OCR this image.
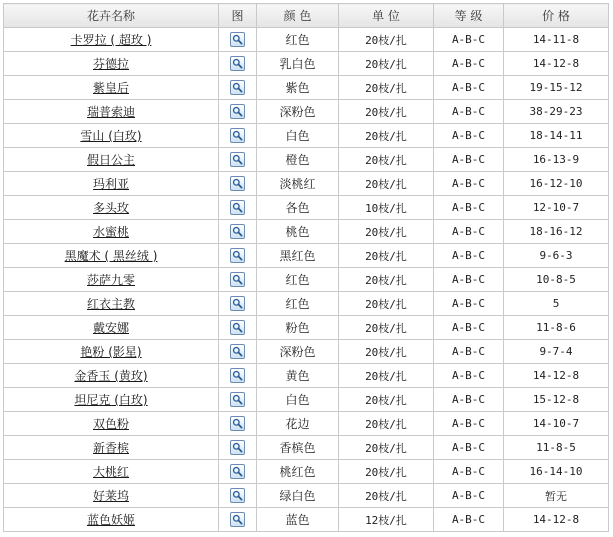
花卉名称	图	颜 色	单 位	等 级	价 格
卡罗拉 ( 超玫 )		红色	20枝/扎	A-B-C	14-11-8
芬德拉		乳白色	20枝/扎	A-B-C	14-12-8
紫皇后		紫色	20枝/扎	A-B-C	19-15-12
瑞普索迪		深粉色	20枝/扎	A-B-C	38-29-23
雪山 (白玫)		白色	20枝/扎	A-B-C	18-14-11
假日公主		橙色	20枝/扎	A-B-C	16-13-9
玛利亚		淡桃红	20枝/扎	A-B-C	16-12-10
多头玫		各色	10枝/扎	A-B-C	12-10-7
水蜜桃		桃色	20枝/扎	A-B-C	18-16-12
黑魔术 ( 黑丝绒 )		黑红色	20枝/扎	A-B-C	9-6-3
莎萨九零		红色	20枝/扎	A-B-C	10-8-5
红衣主教		红色	20枝/扎	A-B-C	5
戴安娜		粉色	20枝/扎	A-B-C	11-8-6
艳粉 (影星)		深粉色	20枝/扎	A-B-C	9-7-4
金香玉 (黄玫)		黄色	20枝/扎	A-B-C	14-12-8
坦尼克 (白玫)		白色	20枝/扎	A-B-C	15-12-8
双色粉		花边	20枝/扎	A-B-C	14-10-7
新香槟		香槟色	20枝/扎	A-B-C	11-8-5
大桃红		桃红色	20枝/扎	A-B-C	16-14-10
好莱坞		绿白色	20枝/扎	A-B-C	暂无
蓝色妖姬		蓝色	12枝/扎	A-B-C	14-12-8
